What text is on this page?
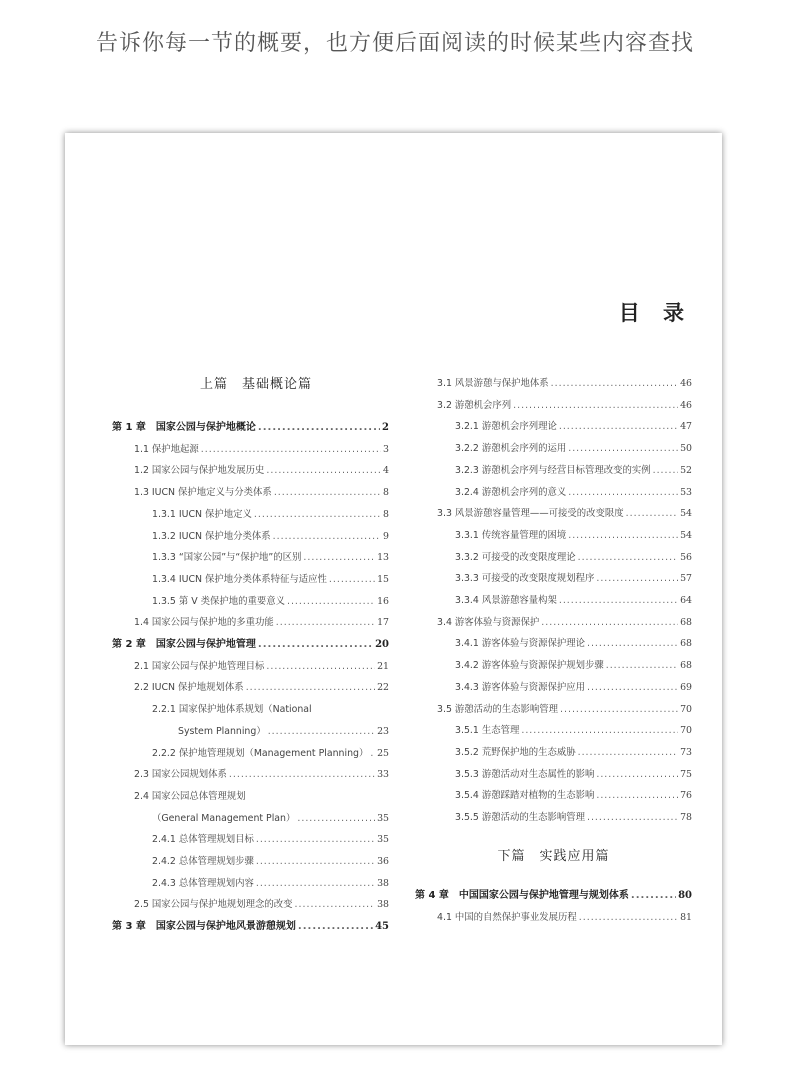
告诉你每一节的概要，也方便后面阅读的时候某些内容查找
目 录
上篇　基础概论篇
第 1 章　国家公园与保护地概论 .....	2
1.1 保护地起源 .....	3
1.2 国家公园与保护地发展历史 .....	4
1.3 IUCN 保护地定义与分类体系 .....	8
1.3.1 IUCN 保护地定义 .....	8
1.3.2 IUCN 保护地分类体系 .....	9
1.3.3 “国家公园”与“保护地”的区别 .....	13
1.3.4 IUCN 保护地分类体系特征与适应性 .....	15
1.3.5 第 V 类保护地的重要意义 .....	16
1.4 国家公园与保护地的多重功能 .....	17
第 2 章　国家公园与保护地管理 .....	20
2.1 国家公园与保护地管理目标 .....	21
2.2 IUCN 保护地规划体系 .....	22
2.2.1 国家保护地体系规划（National
System Planning） .....	23
2.2.2 保护地管理规划（Management Planning） ..... 25
2.3 国家公园规划体系 .....	33
2.4 国家公园总体管理规划
（General Management Plan） .....	35
2.4.1 总体管理规划目标 .....	35
2.4.2 总体管理规划步骤 .....	36
2.4.3 总体管理规划内容 .....	38
2.5 国家公园与保护地规划理念的改变 .....	38
第 3 章　国家公园与保护地风景游憩规划 .....	45
3.1 风景游憩与保护地体系 .....	46
3.2 游憩机会序列 .....	46
3.2.1 游憩机会序列理论 .....	47
3.2.2 游憩机会序列的运用 .....	50
3.2.3 游憩机会序列与经营目标管理改变的实例 .....	52
3.2.4 游憩机会序列的意义 .....	53
3.3 风景游憩容量管理——可接受的改变限度 .....	54
3.3.1 传统容量管理的困境 .....	54
3.3.2 可接受的改变限度理论 .....	56
3.3.3 可接受的改变限度规划程序 .....	57
3.3.4 风景游憩容量构架 .....	64
3.4 游客体验与资源保护 .....	68
3.4.1 游客体验与资源保护理论 .....	68
3.4.2 游客体验与资源保护规划步骤 .....	68
3.4.3 游客体验与资源保护应用 .....	69
3.5 游憩活动的生态影响管理 .....	70
3.5.1 生态管理 .....	70
3.5.2 荒野保护地的生态威胁 .....	73
3.5.3 游憩活动对生态属性的影响 .....	75
3.5.4 游憩踩踏对植物的生态影响 .....	76
3.5.5 游憩活动的生态影响管理 .....	78
下篇　实践应用篇
第 4 章　中国国家公园与保护地管理与规划体系 .....	80
4.1 中国的自然保护事业发展历程 .....	81
